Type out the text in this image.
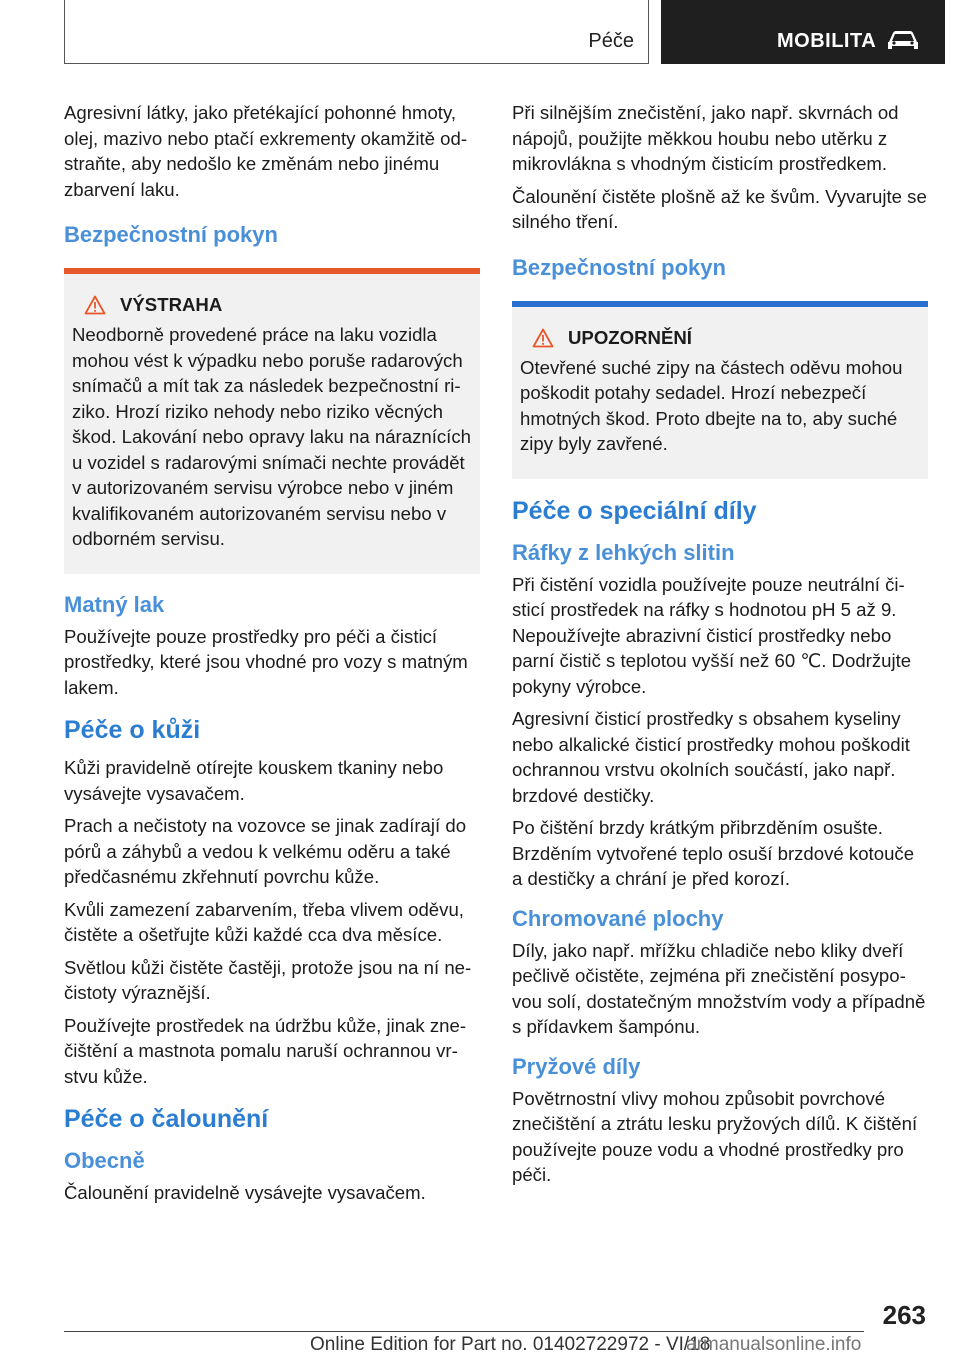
Péče	MOBILITA

Agresivní látky, jako přetékající pohonné hmoty, olej, mazivo nebo ptačí exkrementy okamžitě odstraňte, aby nedošlo ke změnám nebo jinému zbarvení laku.

Bezpečnostní pokyn
VÝSTRAHA

Neodborně provedené práce na laku vozidla mohou vést k výpadku nebo poruše radarových snímačů a mít tak za následek bezpečnostní riziko. Hrozí riziko nehody nebo riziko věcných škod. Lakování nebo opravy laku na náraznících u vozidel s radarovými snímači nechte provádět v autorizovaném servisu výrobce nebo v jiném kvalifikovaném autorizovaném servisu nebo v odborném servisu.

Matný lak

Používejte pouze prostředky pro péči a čisticí prostředky, které jsou vhodné pro vozy s matným lakem.

Péče o kůži

Kůži pravidelně otírejte kouskem tkaniny nebo vysávejte vysavačem.

Prach a nečistoty na vozovce se jinak zadírají do pórů a záhybů a vedou k velkému oděru a také předčasnému zkřehnutí povrchu kůže.

Kvůli zamezení zabarvením, třeba vlivem oděvu, čistěte a ošetřujte kůži každé cca dva měsíce.

Světlou kůži čistěte častěji, protože jsou na ní nečistoty výraznější.

Používejte prostředek na údržbu kůže, jinak znečištění a mastnota pomalu naruší ochrannou vrstvu kůže.

Péče o čalounění
Obecně

Čalounění pravidelně vysávejte vysavačem.

Při silnějším znečistění, jako např. skvrnách od nápojů, použijte měkkou houbu nebo utěrku z mikrovlákna s vhodným čisticím prostředkem.

Čalounění čistěte plošně až ke švům. Vyvarujte se silného tření.

Bezpečnostní pokyn
UPOZORNĚNÍ

Otevřené suché zipy na částech oděvu mohou poškodit potahy sedadel. Hrozí nebezpečí hmotných škod. Proto dbejte na to, aby suché zipy byly zavřené.

Péče o speciální díly
Ráfky z lehkých slitin

Při čistění vozidla používejte pouze neutrální čisticí prostředek na ráfky s hodnotou pH 5 až 9. Nepoužívejte abrazivní čisticí prostředky nebo parní čistič s teplotou vyšší než 60 ℃. Dodržujte pokyny výrobce.

Agresivní čisticí prostředky s obsahem kyseliny nebo alkalické čisticí prostředky mohou poškodit ochrannou vrstvu okolních součástí, jako např. brzdové destičky.

Po čištění brzdy krátkým přibrzděním osušte. Brzděním vytvořené teplo osuší brzdové kotouče a destičky a chrání je před korozí.

Chromované plochy

Díly, jako např. mřížku chladiče nebo kliky dveří pečlivě očistěte, zejména při znečistění posypovou solí, dostatečným množstvím vody a případně s přídavkem šampónu.

Pryžové díly

Povětrnostní vlivy mohou způsobit povrchové znečištění a ztrátu lesku pryžových dílů. K čištění používejte pouze vodu a vhodné prostředky pro péči.

263
Online Edition for Part no. 01402722972 - VI/18
armanualsonline.info
